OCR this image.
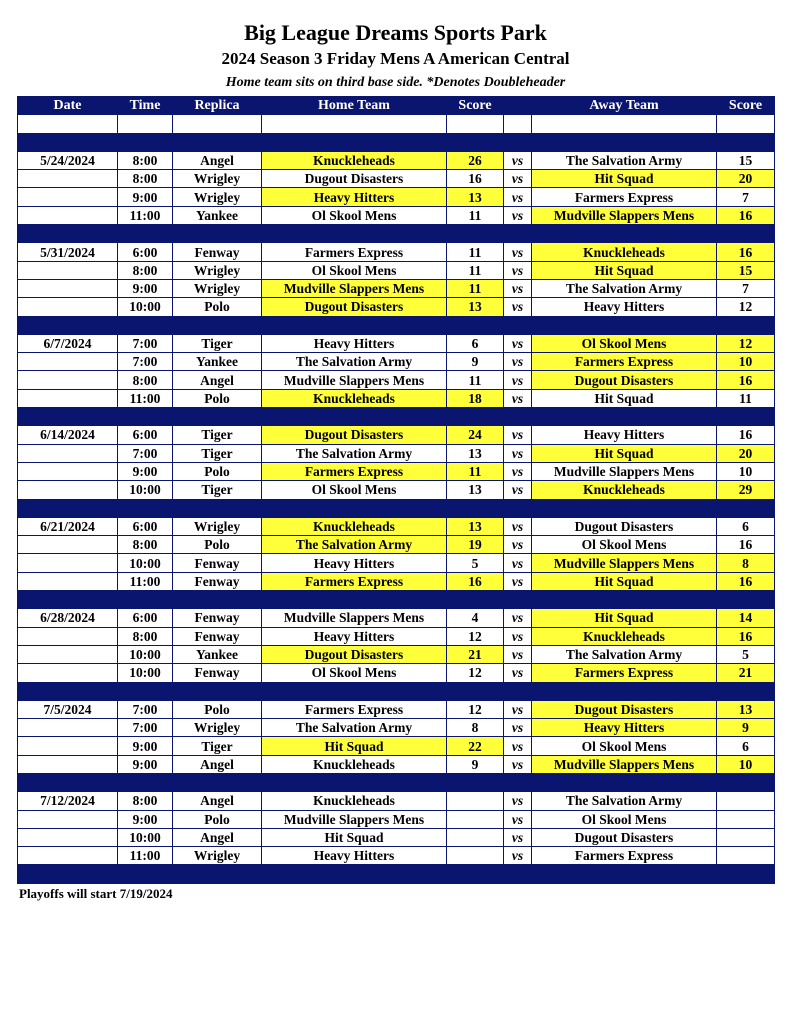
Big League Dreams Sports Park
2024 Season 3 Friday Mens A American Central
Home team sits on third base side. *Denotes Doubleheader
Date	Time	Replica	Home Team	Score		Away Team	Score

5/24/2024	8:00	Angel	Knuckleheads	26	vs	The Salvation Army	15
	8:00	Wrigley	Dugout Disasters	16	vs	Hit Squad	20
	9:00	Wrigley	Heavy Hitters	13	vs	Farmers Express	7
	11:00	Yankee	Ol Skool Mens	11	vs	Mudville Slappers Mens	16

5/31/2024	6:00	Fenway	Farmers Express	11	vs	Knuckleheads	16
	8:00	Wrigley	Ol Skool Mens	11	vs	Hit Squad	15
	9:00	Wrigley	Mudville Slappers Mens	11	vs	The Salvation Army	7
	10:00	Polo	Dugout Disasters	13	vs	Heavy Hitters	12

6/7/2024	7:00	Tiger	Heavy Hitters	6	vs	Ol Skool Mens	12
	7:00	Yankee	The Salvation Army	9	vs	Farmers Express	10
	8:00	Angel	Mudville Slappers Mens	11	vs	Dugout Disasters	16
	11:00	Polo	Knuckleheads	18	vs	Hit Squad	11

6/14/2024	6:00	Tiger	Dugout Disasters	24	vs	Heavy Hitters	16
	7:00	Tiger	The Salvation Army	13	vs	Hit Squad	20
	9:00	Polo	Farmers Express	11	vs	Mudville Slappers Mens	10
	10:00	Tiger	Ol Skool Mens	13	vs	Knuckleheads	29

6/21/2024	6:00	Wrigley	Knuckleheads	13	vs	Dugout Disasters	6
	8:00	Polo	The Salvation Army	19	vs	Ol Skool Mens	16
	10:00	Fenway	Heavy Hitters	5	vs	Mudville Slappers Mens	8
	11:00	Fenway	Farmers Express	16	vs	Hit Squad	16

6/28/2024	6:00	Fenway	Mudville Slappers Mens	4	vs	Hit Squad	14
	8:00	Fenway	Heavy Hitters	12	vs	Knuckleheads	16
	10:00	Yankee	Dugout Disasters	21	vs	The Salvation Army	5
	10:00	Fenway	Ol Skool Mens	12	vs	Farmers Express	21

7/5/2024	7:00	Polo	Farmers Express	12	vs	Dugout Disasters	13
	7:00	Wrigley	The Salvation Army	8	vs	Heavy Hitters	9
	9:00	Tiger	Hit Squad	22	vs	Ol Skool Mens	6
	9:00	Angel	Knuckleheads	9	vs	Mudville Slappers Mens	10

7/12/2024	8:00	Angel	Knuckleheads		vs	The Salvation Army	
	9:00	Polo	Mudville Slappers Mens		vs	Ol Skool Mens	
	10:00	Angel	Hit Squad		vs	Dugout Disasters	
	11:00	Wrigley	Heavy Hitters		vs	Farmers Express	

Playoffs will start 7/19/2024
